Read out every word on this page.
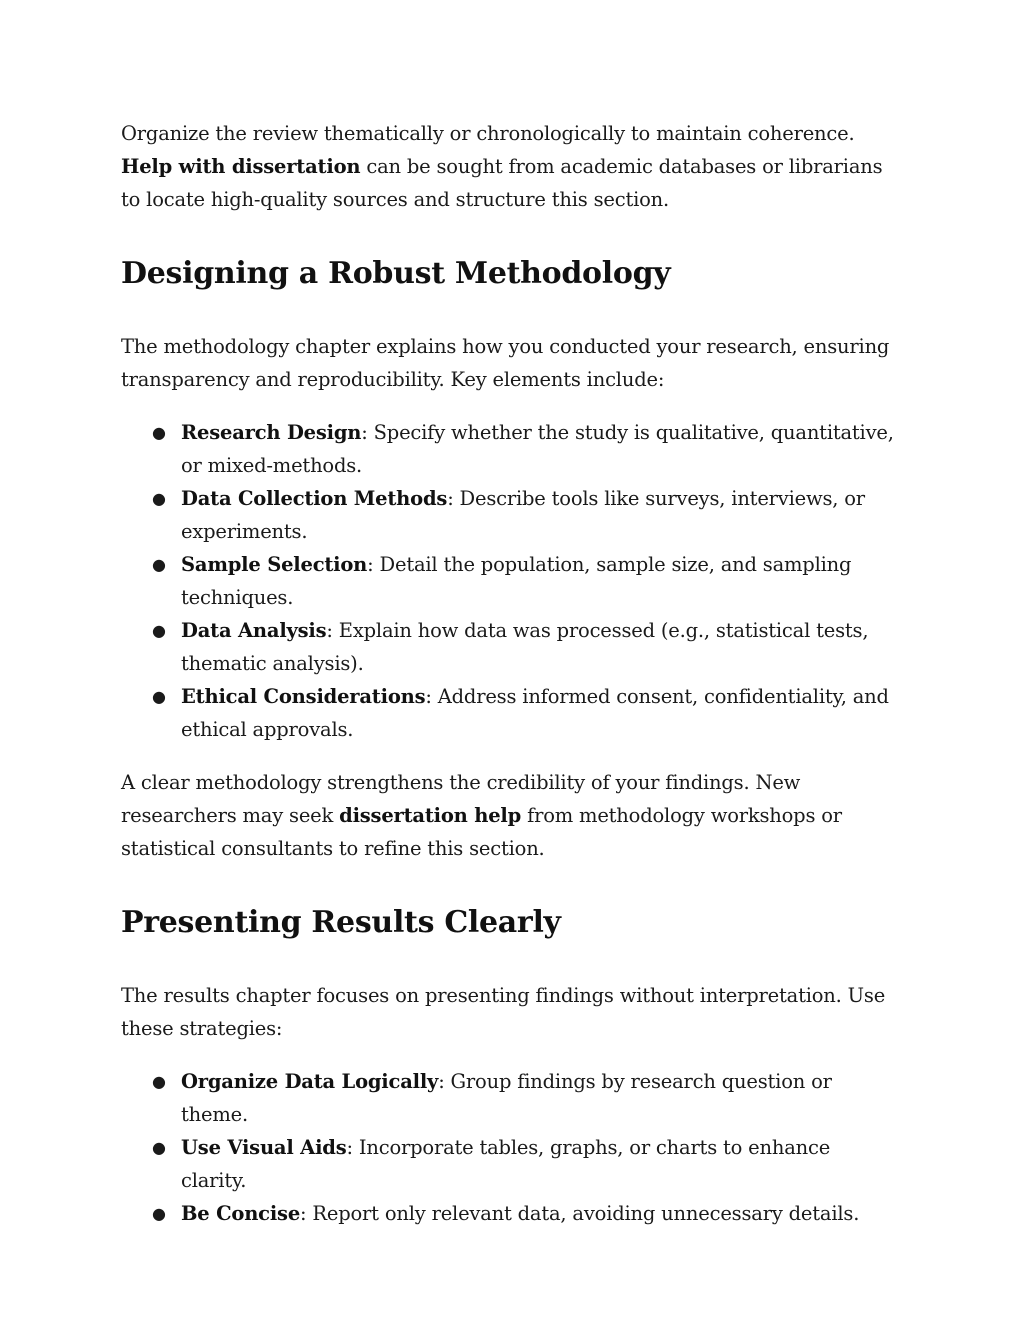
Organize the review thematically or chronologically to maintain coherence. Help with dissertation can be sought from academic databases or librarians to locate high-quality sources and structure this section.

Designing a Robust Methodology

The methodology chapter explains how you conducted your research, ensuring transparency and reproducibility. Key elements include:

● Research Design: Specify whether the study is qualitative, quantitative, or mixed-methods.
● Data Collection Methods: Describe tools like surveys, interviews, or experiments.
● Sample Selection: Detail the population, sample size, and sampling techniques.
● Data Analysis: Explain how data was processed (e.g., statistical tests, thematic analysis).
● Ethical Considerations: Address informed consent, confidentiality, and ethical approvals.

A clear methodology strengthens the credibility of your findings. New researchers may seek dissertation help from methodology workshops or statistical consultants to refine this section.

Presenting Results Clearly

The results chapter focuses on presenting findings without interpretation. Use these strategies:

● Organize Data Logically: Group findings by research question or theme.
● Use Visual Aids: Incorporate tables, graphs, or charts to enhance clarity.
● Be Concise: Report only relevant data, avoiding unnecessary details.
